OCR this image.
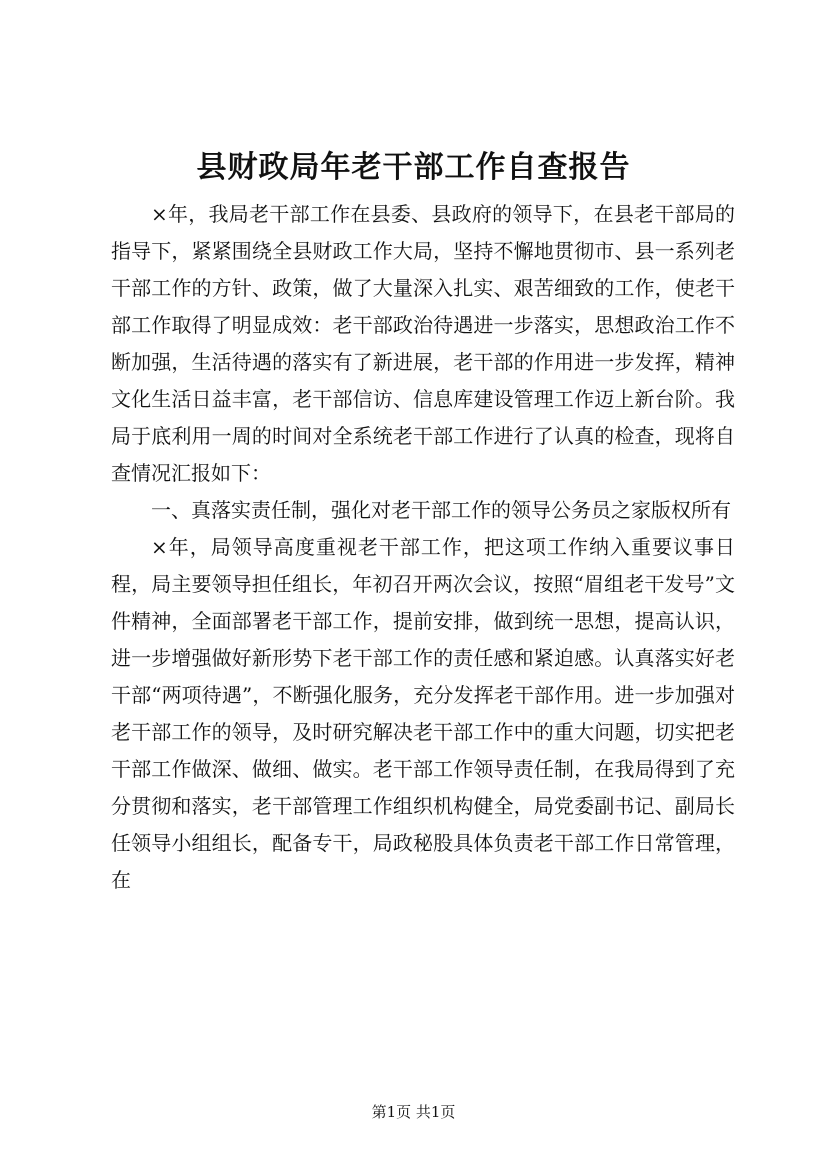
县财政局年老干部工作自查报告

×年，我局老干部工作在县委、县政府的领导下，在县老干部局的指导下，紧紧围绕全县财政工作大局，坚持不懈地贯彻市、县一系列老干部工作的方针、政策，做了大量深入扎实、艰苦细致的工作，使老干部工作取得了明显成效：老干部政治待遇进一步落实，思想政治工作不断加强，生活待遇的落实有了新进展，老干部的作用进一步发挥，精神文化生活日益丰富，老干部信访、信息库建设管理工作迈上新台阶。我局于底利用一周的时间对全系统老干部工作进行了认真的检查，现将自查情况汇报如下：

一、真落实责任制，强化对老干部工作的领导公务员之家版权所有

×年，局领导高度重视老干部工作，把这项工作纳入重要议事日程，局主要领导担任组长，年初召开两次会议，按照“眉组老干发号”文件精神，全面部署老干部工作，提前安排，做到统一思想，提高认识，进一步增强做好新形势下老干部工作的责任感和紧迫感。认真落实好老干部“两项待遇”，不断强化服务，充分发挥老干部作用。进一步加强对老干部工作的领导，及时研究解决老干部工作中的重大问题，切实把老干部工作做深、做细、做实。老干部工作领导责任制，在我局得到了充分贯彻和落实，老干部管理工作组织机构健全，局党委副书记、副局长任领导小组组长，配备专干，局政秘股具体负责老干部工作日常管理，在

第1页 共1页
